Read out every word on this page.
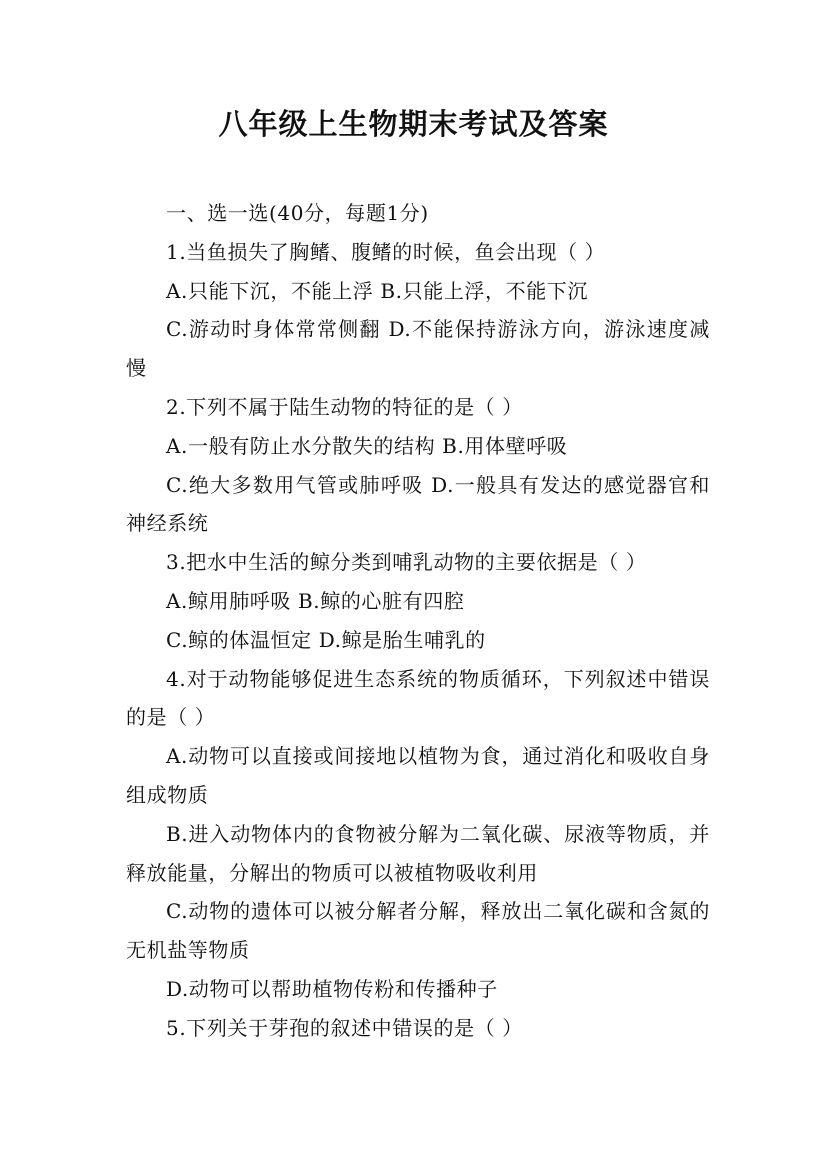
八年级上生物期末考试及答案

一、选一选(40分，每题1分)

1.当鱼损失了胸鳍、腹鳍的时候，鱼会出现（ ）

A.只能下沉，不能上浮 B.只能上浮，不能下沉

C.游动时身体常常侧翻 D.不能保持游泳方向，游泳速度减慢

2.下列不属于陆生动物的特征的是（ ）

A.一般有防止水分散失的结构 B.用体壁呼吸

C.绝大多数用气管或肺呼吸 D.一般具有发达的感觉器官和神经系统

3.把水中生活的鲸分类到哺乳动物的主要依据是（ ）

A.鲸用肺呼吸 B.鲸的心脏有四腔

C.鲸的体温恒定 D.鲸是胎生哺乳的

4.对于动物能够促进生态系统的物质循环，下列叙述中错误的是（ ）

A.动物可以直接或间接地以植物为食，通过消化和吸收自身组成物质

B.进入动物体内的食物被分解为二氧化碳、尿液等物质，并释放能量，分解出的物质可以被植物吸收利用

C.动物的遗体可以被分解者分解，释放出二氧化碳和含氮的无机盐等物质

D.动物可以帮助植物传粉和传播种子

5.下列关于芽孢的叙述中错误的是（ ）
